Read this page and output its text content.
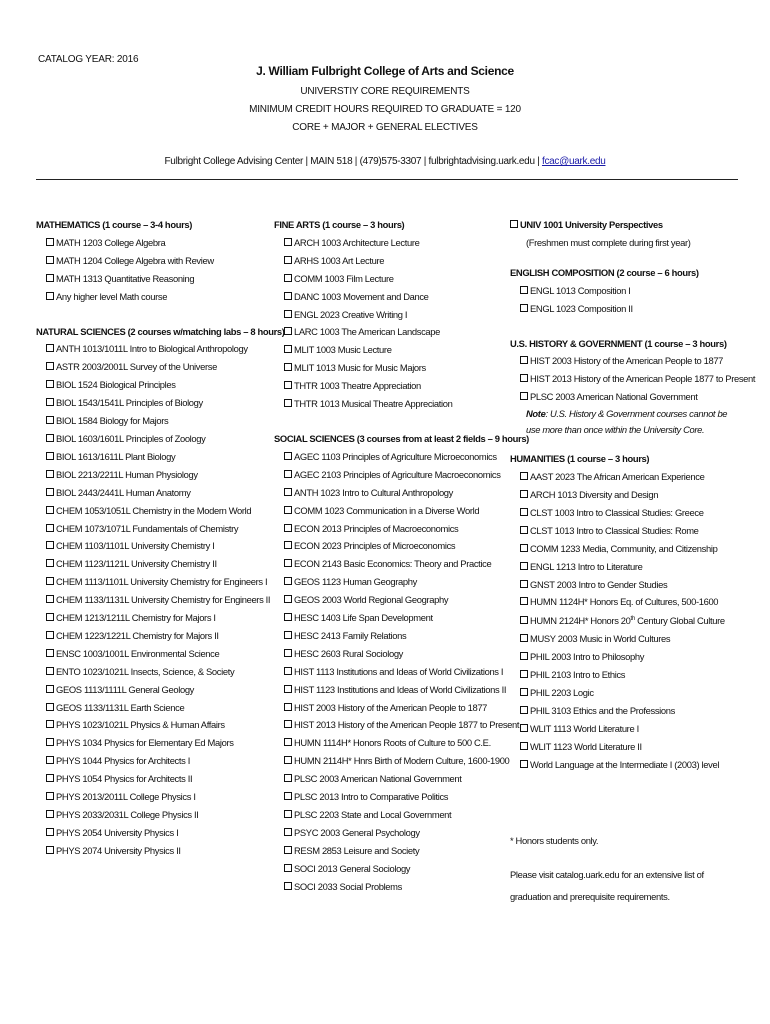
CATALOG YEAR: 2016
J. William Fulbright College of Arts and Science
UNIVERSTIY CORE REQUIREMENTS
MINIMUM CREDIT HOURS REQUIRED TO GRADUATE = 120
CORE + MAJOR + GENERAL ELECTIVES
Fulbright College Advising Center | MAIN 518 | (479)575-3307 | fulbrightadvising.uark.edu | fcac@uark.edu
MATHEMATICS (1 course – 3-4 hours)
MATH 1203 College Algebra
MATH 1204 College Algebra with Review
MATH 1313 Quantitative Reasoning
Any higher level Math course
NATURAL SCIENCES (2 courses w/matching labs – 8 hours)
ANTH 1013/1011L Intro to Biological Anthropology
ASTR 2003/2001L Survey of the Universe
BIOL 1524 Biological Principles
BIOL 1543/1541L Principles of Biology
BIOL 1584 Biology for Majors
BIOL 1603/1601L Principles of Zoology
BIOL 1613/1611L Plant Biology
BIOL 2213/2211L Human Physiology
BIOL 2443/2441L Human Anatomy
CHEM 1053/1051L Chemistry in the Modern World
CHEM 1073/1071L Fundamentals of Chemistry
CHEM 1103/1101L University Chemistry I
CHEM 1123/1121L University Chemistry II
CHEM 1113/1101L University Chemistry for Engineers I
CHEM 1133/1131L University Chemistry for Engineers II
CHEM 1213/1211L Chemistry for Majors I
CHEM 1223/1221L Chemistry for Majors II
ENSC 1003/1001L Environmental Science
ENTO 1023/1021L Insects, Science, & Society
GEOS 1113/1111L General Geology
GEOS 1133/1131L Earth Science
PHYS 1023/1021L Physics & Human Affairs
PHYS 1034 Physics for Elementary Ed Majors
PHYS 1044 Physics for Architects I
PHYS 1054 Physics for Architects II
PHYS 2013/2011L College Physics I
PHYS 2033/2031L College Physics II
PHYS 2054 University Physics I
PHYS 2074 University Physics II
FINE ARTS (1 course – 3 hours)
ARCH 1003 Architecture Lecture
ARHS 1003 Art Lecture
COMM 1003 Film Lecture
DANC 1003 Movement and Dance
ENGL 2023 Creative Writing I
LARC 1003 The American Landscape
MLIT 1003 Music Lecture
MLIT 1013 Music for Music Majors
THTR 1003 Theatre Appreciation
THTR 1013 Musical Theatre Appreciation
SOCIAL SCIENCES (3 courses from at least 2 fields – 9 hours)
AGEC 1103 Principles of Agriculture Microeconomics
AGEC 2103 Principles of Agriculture Macroeconomics
ANTH 1023 Intro to Cultural Anthropology
COMM 1023 Communication in a Diverse World
ECON 2013 Principles of Macroeconomics
ECON 2023 Principles of Microeconomics
ECON 2143 Basic Economics: Theory and Practice
GEOS 1123 Human Geography
GEOS 2003 World Regional Geography
HESC 1403 Life Span Development
HESC 2413 Family Relations
HESC 2603 Rural Sociology
HIST 1113 Institutions and Ideas of World Civilizations I
HIST 1123 Institutions and Ideas of World Civilizations II
HIST 2003 History of the American People to 1877
HIST 2013 History of the American People 1877 to Present
HUMN 1114H* Honors Roots of Culture to 500 C.E.
HUMN 2114H* Hnrs Birth of Modern Culture, 1600-1900
PLSC 2003 American National Government
PLSC 2013 Intro to Comparative Politics
PLSC 2203 State and Local Government
PSYC 2003 General Psychology
RESM 2853 Leisure and Society
SOCI 2013 General Sociology
SOCI 2033 Social Problems
UNIV 1001 University Perspectives
(Freshmen must complete during first year)
ENGLISH COMPOSITION (2 course – 6 hours)
ENGL 1013 Composition I
ENGL 1023 Composition II
U.S. HISTORY & GOVERNMENT (1 course – 3 hours)
HIST 2003 History of the American People to 1877
HIST 2013 History of the American People 1877 to Present
PLSC 2003 American National Government
Note: U.S. History & Government courses cannot be use more than once within the University Core.
HUMANITIES (1 course – 3 hours)
AAST 2023 The African American Experience
ARCH 1013 Diversity and Design
CLST 1003 Intro to Classical Studies: Greece
CLST 1013 Intro to Classical Studies: Rome
COMM 1233 Media, Community, and Citizenship
ENGL 1213 Intro to Literature
GNST 2003 Intro to Gender Studies
HUMN 1124H* Honors Eq. of Cultures, 500-1600
HUMN 2124H* Honors 20th Century Global Culture
MUSY 2003 Music in World Cultures
PHIL 2003 Intro to Philosophy
PHIL 2103 Intro to Ethics
PHIL 2203 Logic
PHIL 3103 Ethics and the Professions
WLIT 1113 World Literature I
WLIT 1123 World Literature II
World Language at the Intermediate I (2003) level
* Honors students only.
Please visit catalog.uark.edu for an extensive list of graduation and prerequisite requirements.
